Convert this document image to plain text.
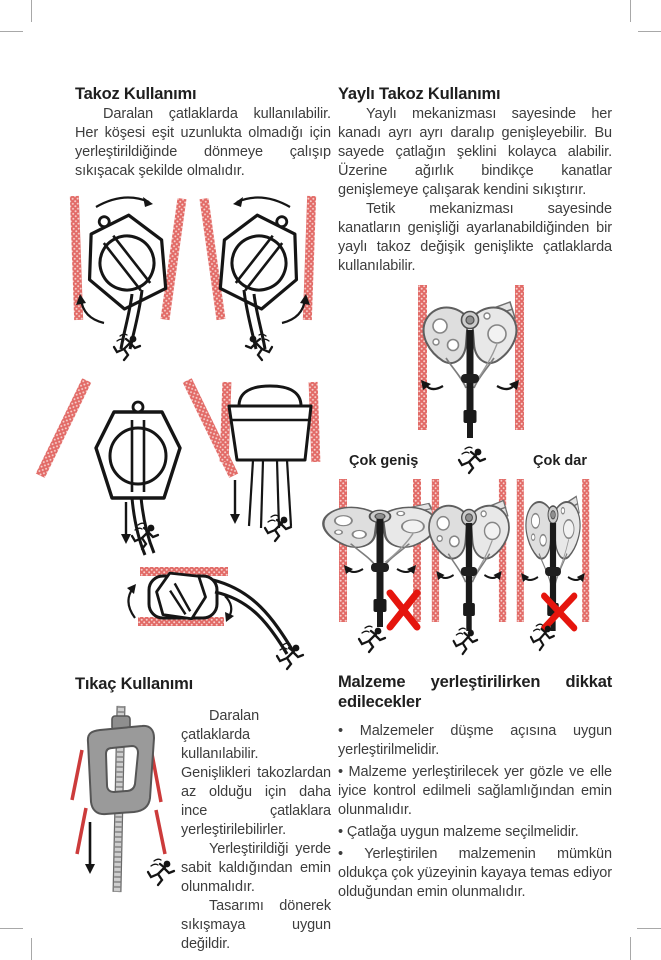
Takoz Kullanımı

Daralan çatlaklarda kullanılabilir. Her köşesi eşit uzunlukta olmadığı için yerleştirildiğinde dönmeye çalışıp sıkışacak şekilde olmalıdır.

Tıkaç Kullanımı

Daralan çatlaklarda kullanılabilir. Genişlikleri takozlardan az olduğu için daha ince çatlaklara yerleştirilebilirler.

Yerleştirildiği yerde sabit kaldığından emin olunmalıdır.

Tasarımı dönerek sıkışmaya uygun değildir.

Yaylı Takoz Kullanımı

Yaylı mekanizması sayesinde her kanadı ayrı ayrı daralıp genişleyebilir. Bu sayede çatlağın şeklini kolayca alabilir. Üzerine ağırlık bindikçe kanatlar genişlemeye çalışarak kendini sıkıştırır.

Tetik mekanizması sayesinde kanatların genişliği ayarlanabildiğinden bir yaylı takoz değişik genişlikte çatlaklarda kullanılabilir.

Çok geniş	Çok dar
Malzeme yerleştirilirken dikkat edilecekler
• Malzemeler düşme açısına uygun yerleştirilmelidir.
• Malzeme yerleştirilecek yer gözle ve elle iyice kontrol edilmeli sağlamlığından emin olunmalıdır.
• Çatlağa uygun malzeme seçilmelidir.
• Yerleştirilen malzemenin mümkün oldukça çok yüzeyinin kayaya temas ediyor olduğundan emin olunmalıdır.
